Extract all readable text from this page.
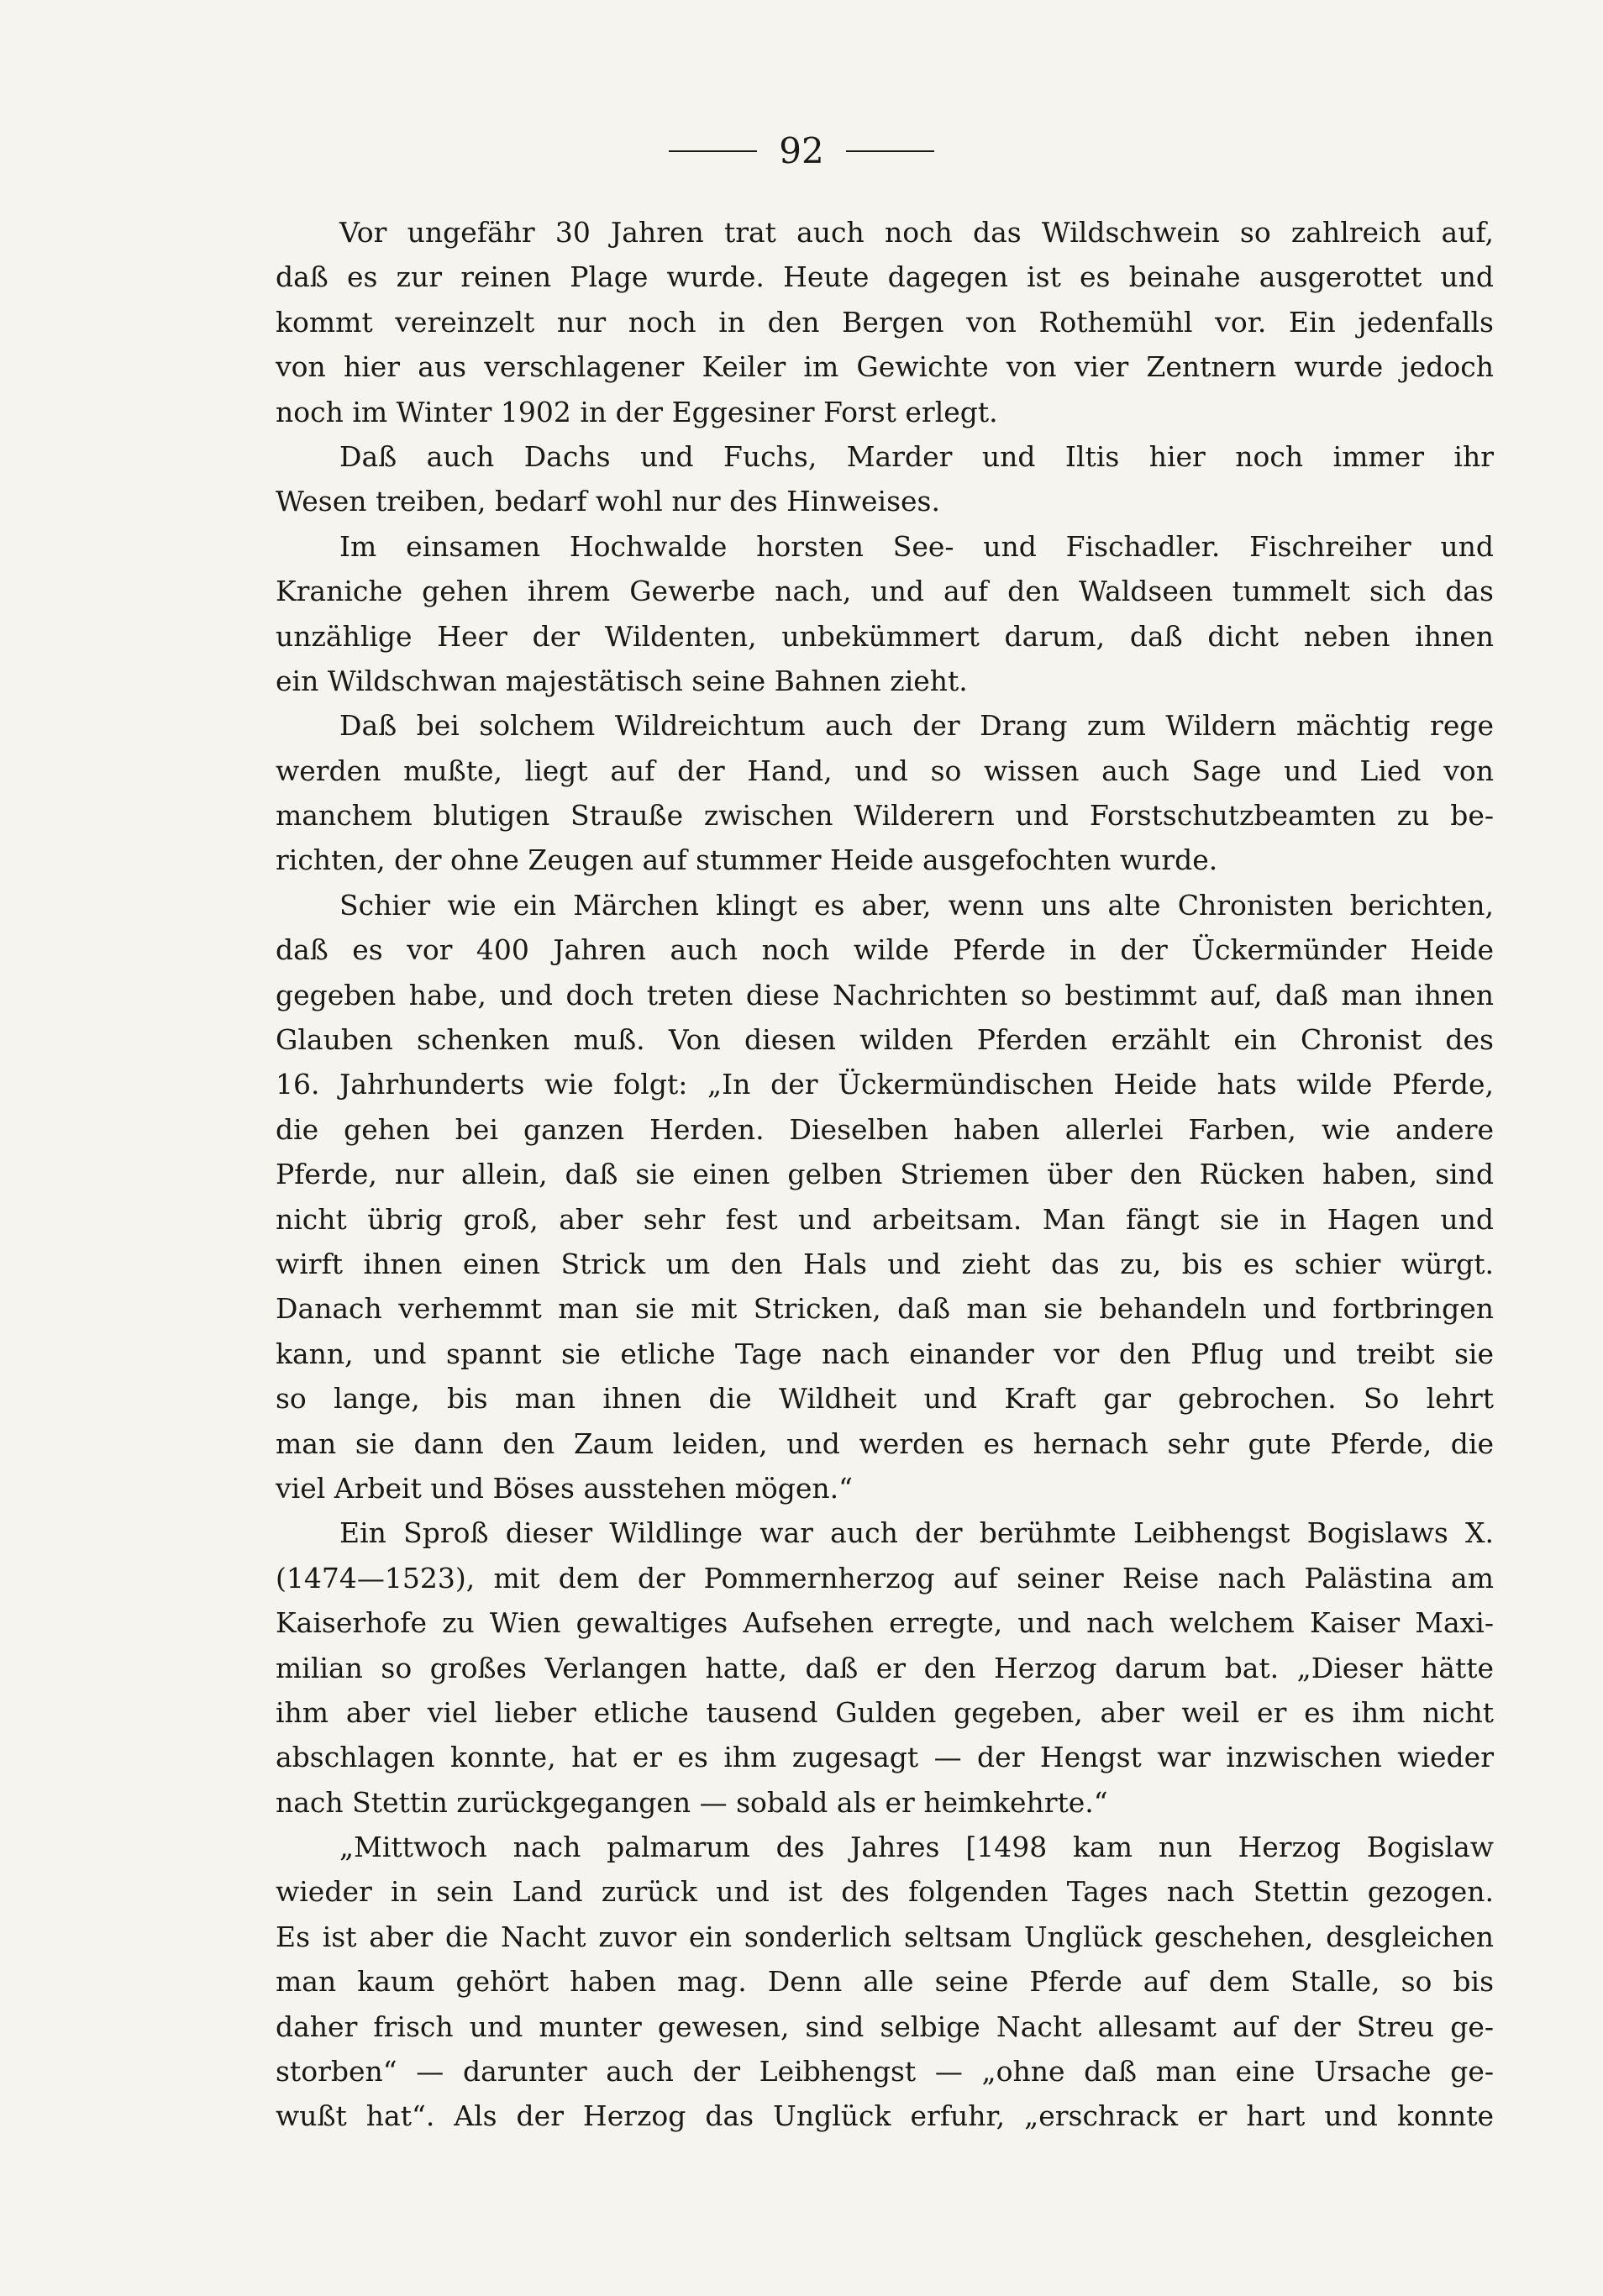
92
Vor ungefähr 30 Jahren trat auch noch das Wildschwein so zahlreich auf,
daß es zur reinen Plage wurde. Heute dagegen ist es beinahe ausgerottet und
kommt vereinzelt nur noch in den Bergen von Rothemühl vor. Ein jedenfalls
von hier aus verschlagener Keiler im Gewichte von vier Zentnern wurde jedoch
noch im Winter 1902 in der Eggesiner Forst erlegt.
Daß auch Dachs und Fuchs, Marder und Iltis hier noch immer ihr
Wesen treiben, bedarf wohl nur des Hinweises.
Im einsamen Hochwalde horsten See- und Fischadler. Fischreiher und
Kraniche gehen ihrem Gewerbe nach, und auf den Waldseen tummelt sich das
unzählige Heer der Wildenten, unbekümmert darum, daß dicht neben ihnen
ein Wildschwan majestätisch seine Bahnen zieht.
Daß bei solchem Wildreichtum auch der Drang zum Wildern mächtig rege
werden mußte, liegt auf der Hand, und so wissen auch Sage und Lied von
manchem blutigen Strauße zwischen Wilderern und Forstschutzbeamten zu be-
richten, der ohne Zeugen auf stummer Heide ausgefochten wurde.
Schier wie ein Märchen klingt es aber, wenn uns alte Chronisten berichten,
daß es vor 400 Jahren auch noch wilde Pferde in der Ückermünder Heide
gegeben habe, und doch treten diese Nachrichten so bestimmt auf, daß man ihnen
Glauben schenken muß. Von diesen wilden Pferden erzählt ein Chronist des
16. Jahrhunderts wie folgt: „In der Ückermündischen Heide hats wilde Pferde,
die gehen bei ganzen Herden. Dieselben haben allerlei Farben, wie andere
Pferde, nur allein, daß sie einen gelben Striemen über den Rücken haben, sind
nicht übrig groß, aber sehr fest und arbeitsam. Man fängt sie in Hagen und
wirft ihnen einen Strick um den Hals und zieht das zu, bis es schier würgt.
Danach verhemmt man sie mit Stricken, daß man sie behandeln und fortbringen
kann, und spannt sie etliche Tage nach einander vor den Pflug und treibt sie
so lange, bis man ihnen die Wildheit und Kraft gar gebrochen. So lehrt
man sie dann den Zaum leiden, und werden es hernach sehr gute Pferde, die
viel Arbeit und Böses ausstehen mögen.“
Ein Sproß dieser Wildlinge war auch der berühmte Leibhengst Bogislaws X.
(1474—1523), mit dem der Pommernherzog auf seiner Reise nach Palästina am
Kaiserhofe zu Wien gewaltiges Aufsehen erregte, und nach welchem Kaiser Maxi-
milian so großes Verlangen hatte, daß er den Herzog darum bat. „Dieser hätte
ihm aber viel lieber etliche tausend Gulden gegeben, aber weil er es ihm nicht
abschlagen konnte, hat er es ihm zugesagt — der Hengst war inzwischen wieder
nach Stettin zurückgegangen — sobald als er heimkehrte.“
„Mittwoch nach palmarum des Jahres [1498 kam nun Herzog Bogislaw
wieder in sein Land zurück und ist des folgenden Tages nach Stettin gezogen.
Es ist aber die Nacht zuvor ein sonderlich seltsam Unglück geschehen, desgleichen
man kaum gehört haben mag. Denn alle seine Pferde auf dem Stalle, so bis
daher frisch und munter gewesen, sind selbige Nacht allesamt auf der Streu ge-
storben“ — darunter auch der Leibhengst — „ohne daß man eine Ursache ge-
wußt hat“. Als der Herzog das Unglück erfuhr, „erschrack er hart und konnte
